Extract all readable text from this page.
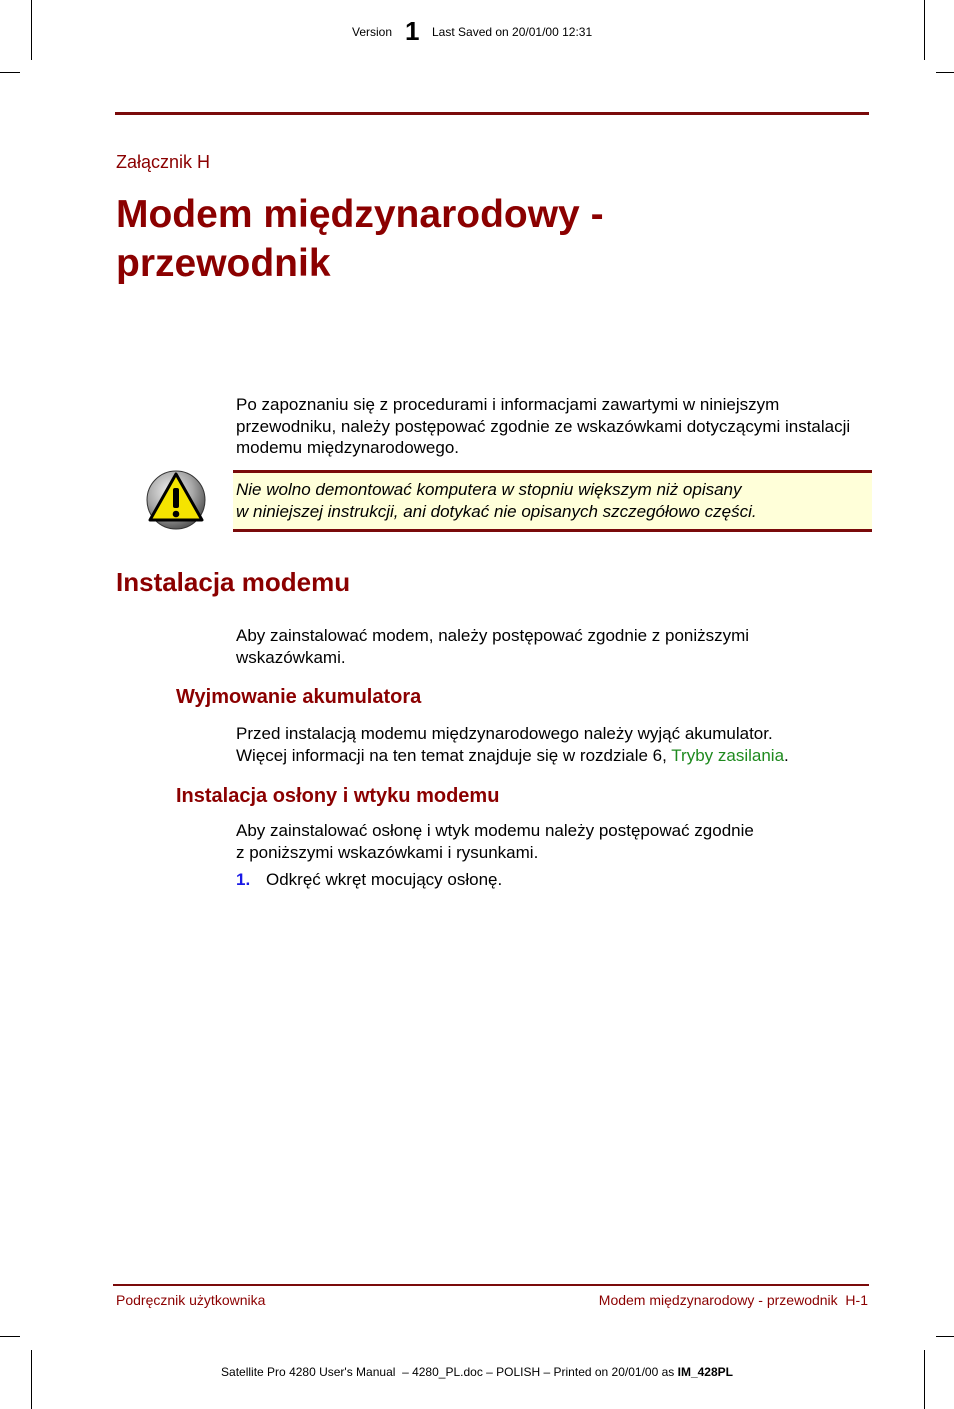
Version 1 Last Saved on 20/01/00 12:31
Załącznik H
Modem międzynarodowy -
przewodnik
Po zapoznaniu się z procedurami i informacjami zawartymi w niniejszym przewodniku, należy postępować zgodnie ze wskazówkami dotyczącymi instalacji modemu międzynarodowego.
Nie wolno demontować komputera w stopniu większym niż opisany
w niniejszej instrukcji, ani dotykać nie opisanych szczegółowo części.
Instalacja modemu
Aby zainstalować modem, należy postępować zgodnie z poniższymi wskazówkami.
Wyjmowanie akumulatora
Przed instalacją modemu międzynarodowego należy wyjąć akumulator.
Więcej informacji na ten temat znajduje się w rozdziale 6, Tryby zasilania.
Instalacja osłony i wtyku modemu
Aby zainstalować osłonę i wtyk modemu należy postępować zgodnie
z poniższymi wskazówkami i rysunkami.
1. Odkręć wkręt mocujący osłonę.
Podręcznik użytkownika	Modem międzynarodowy - przewodnik  H-1
Satellite Pro 4280 User's Manual  – 4280_PL.doc – POLISH – Printed on 20/01/00 as IM_428PL
